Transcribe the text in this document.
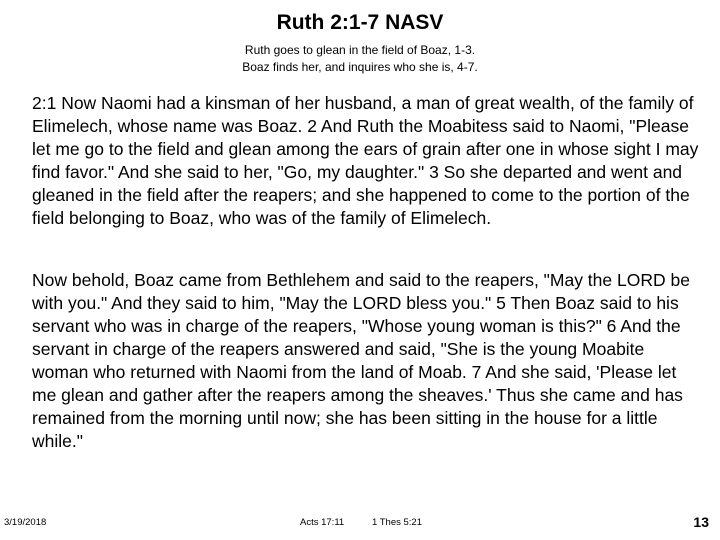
Ruth 2:1-7 NASV
Ruth goes to glean in the field of Boaz, 1‑3.
Boaz finds her, and inquires who she is, 4‑7.

2:1 Now Naomi had a kinsman of her husband, a man of great wealth, of the family of Elimelech, whose name was Boaz. 2 And Ruth the Moabitess said to Naomi, "Please let me go to the field and glean among the ears of grain after one in whose sight I may find favor." And she said to her, "Go, my daughter." 3 So she departed and went and gleaned in the field after the reapers; and she happened to come to the portion of the field belonging to Boaz, who was of the family of Elimelech.

Now behold, Boaz came from Bethlehem and said to the reapers, "May the LORD be with you." And they said to him, "May the LORD bless you." 5 Then Boaz said to his servant who was in charge of the reapers, "Whose young woman is this?" 6 And the servant in charge of the reapers answered and said, "She is the young Moabite woman who returned with Naomi from the land of Moab. 7 And she said, 'Please let me glean and gather after the reapers among the sheaves.' Thus she came and has remained from the morning until now; she has been sitting in the house for a little while."

3/19/2018	Acts 17:11	1 Thes 5:21	13
